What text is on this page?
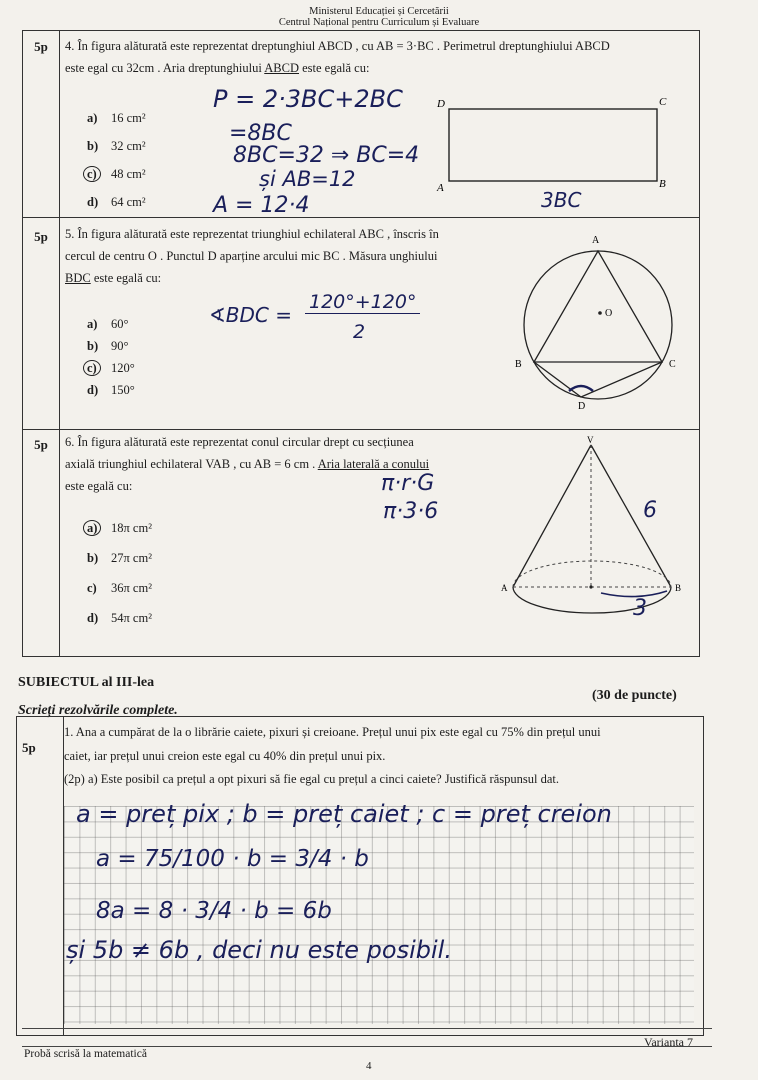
Ministerul Educației și Cercetării
Centrul Național pentru Curriculum și Evaluare
5p	4. În figura alăturată este reprezentat dreptunghiul ABCD , cu AB = 3·BC . Perimetrul dreptunghiului ABCD
este egal cu 32cm . Aria dreptunghiului ABCD este egală cu:
a) 16 cm²
b) 32 cm²
c) 48 cm²
d) 64 cm²
P = 2·3BC+2BC
=8BC
8BC=32 ⇒ BC=4
și AB=12
A = 12·4
D	C
A	B
3BC
5p	5. În figura alăturată este reprezentat triunghiul echilateral ABC , înscris în
cercul de centru O . Punctul D aparține arcului mic BC . Măsura unghiului
BDC este egală cu:
a) 60°
b) 90°
c) 120°
d) 150°
∢BDC =
120°+120°
2
A
B	C
D
O
5p	6. În figura alăturată este reprezentat conul circular drept cu secțiunea
axială triunghiul echilateral VAB , cu AB = 6 cm . Aria laterală a conului
este egală cu:
a) 18π cm²
b) 27π cm²
c) 36π cm²
d) 54π cm²
π·r·G
π·3·6
V
A	B
6
3
SUBIECTUL al III-lea
(30 de puncte)
Scrieți rezolvările complete.
5p
1. Ana a cumpărat de la o librărie caiete, pixuri și creioane. Prețul unui pix este egal cu 75% din prețul unui
caiet, iar prețul unui creion este egal cu 40% din prețul unui pix.
(2p) a) Este posibil ca prețul a opt pixuri să fie egal cu prețul a cinci caiete? Justifică răspunsul dat.
a = preț pix ; b = preț caiet ; c = preț creion
a = 75/100 · b = 3/4 · b
8a = 8 · 3/4 · b = 6b
și 5b ≠ 6b , deci nu este posibil.
Varianta 7
Probă scrisă la matematică
4
